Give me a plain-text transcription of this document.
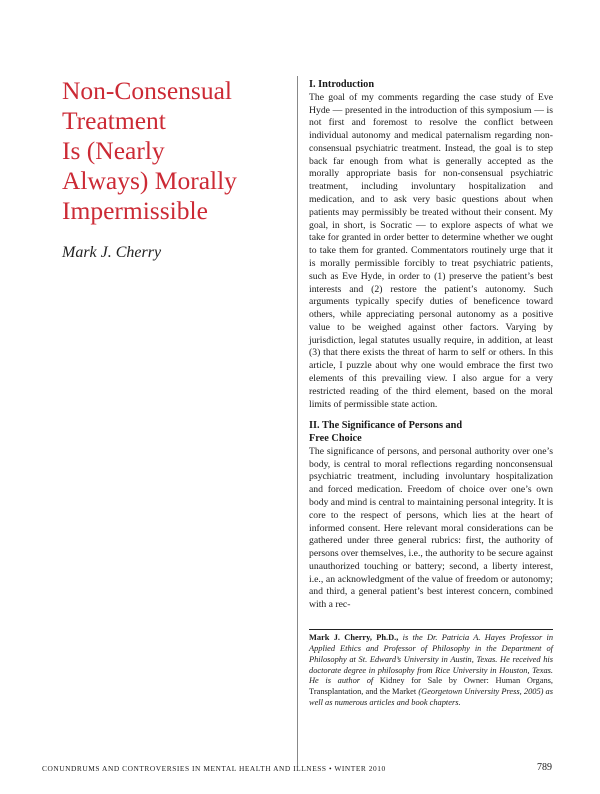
Non-Consensual
Treatment
Is (Nearly
Always) Morally
Impermissible
Mark J. Cherry
I. Introduction

The goal of my comments regarding the case study of Eve Hyde — presented in the introduction of this symposium — is not first and foremost to resolve the conflict between individual autonomy and medical paternalism regarding non-consensual psychiatric treatment. Instead, the goal is to step back far enough from what is generally accepted as the morally appropriate basis for non-consensual psychiatric treatment, including involuntary hospitalization and medication, and to ask very basic questions about when patients may permissibly be treated without their consent. My goal, in short, is Socratic — to explore aspects of what we take for granted in order better to determine whether we ought to take them for granted. Commentators routinely urge that it is morally permissible forcibly to treat psychiatric patients, such as Eve Hyde, in order to (1) preserve the patient’s best interests and (2) restore the patient’s autonomy. Such arguments typically specify duties of beneficence toward others, while appreciating personal autonomy as a positive value to be weighed against other factors. Varying by jurisdiction, legal statutes usually require, in addition, at least (3) that there exists the threat of harm to self or others. In this article, I puzzle about why one would embrace the first two elements of this prevailing view. I also argue for a very restricted reading of the third element, based on the moral limits of permissible state action.

II. The Significance of Persons and
Free Choice

The significance of persons, and personal authority over one’s body, is central to moral reflections regarding nonconsensual psychiatric treatment, including involuntary hospitalization and forced medication. Freedom of choice over one’s own body and mind is central to maintaining personal integrity. It is core to the respect of persons, which lies at the heart of informed consent. Here relevant moral considerations can be gathered under three general rubrics: first, the authority of persons over themselves, i.e., the authority to be secure against unauthorized touching or battery; second, a liberty interest, i.e., an acknowledgment of the value of freedom or autonomy; and third, a general patient’s best interest concern, combined with a rec-

Mark J. Cherry, Ph.D., is the Dr. Patricia A. Hayes Professor in Applied Ethics and Professor of Philosophy in the Department of Philosophy at St. Edward’s University in Austin, Texas. He received his doctorate degree in philosophy from Rice University in Houston, Texas. He is author of Kidney for Sale by Owner: Human Organs, Transplantation, and the Market (Georgetown University Press, 2005) as well as numerous articles and book chapters.
CONUNDRUMS AND CONTROVERSIES IN MENTAL HEALTH AND ILLNESS • WINTER 2010	789
